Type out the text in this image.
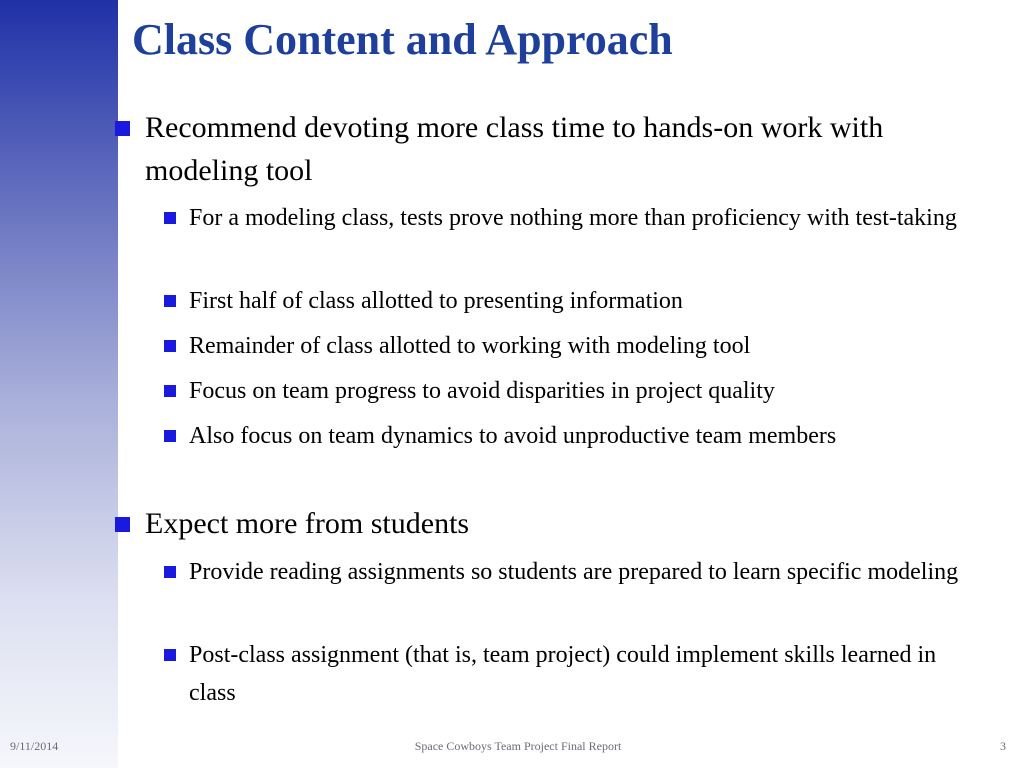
Class Content and Approach
Recommend devoting more class time to hands-on work with modeling tool
For a modeling class, tests prove nothing more than proficiency with test-taking
First half of class allotted to presenting information
Remainder of class allotted to working with modeling tool
Focus on team progress to avoid disparities in project quality
Also focus on team dynamics to avoid unproductive team members
Expect more from students
Provide reading assignments so students are prepared to learn specific modeling
Post-class assignment (that is, team project) could implement skills learned in class
9/11/2014	Space Cowboys Team Project Final Report	3
